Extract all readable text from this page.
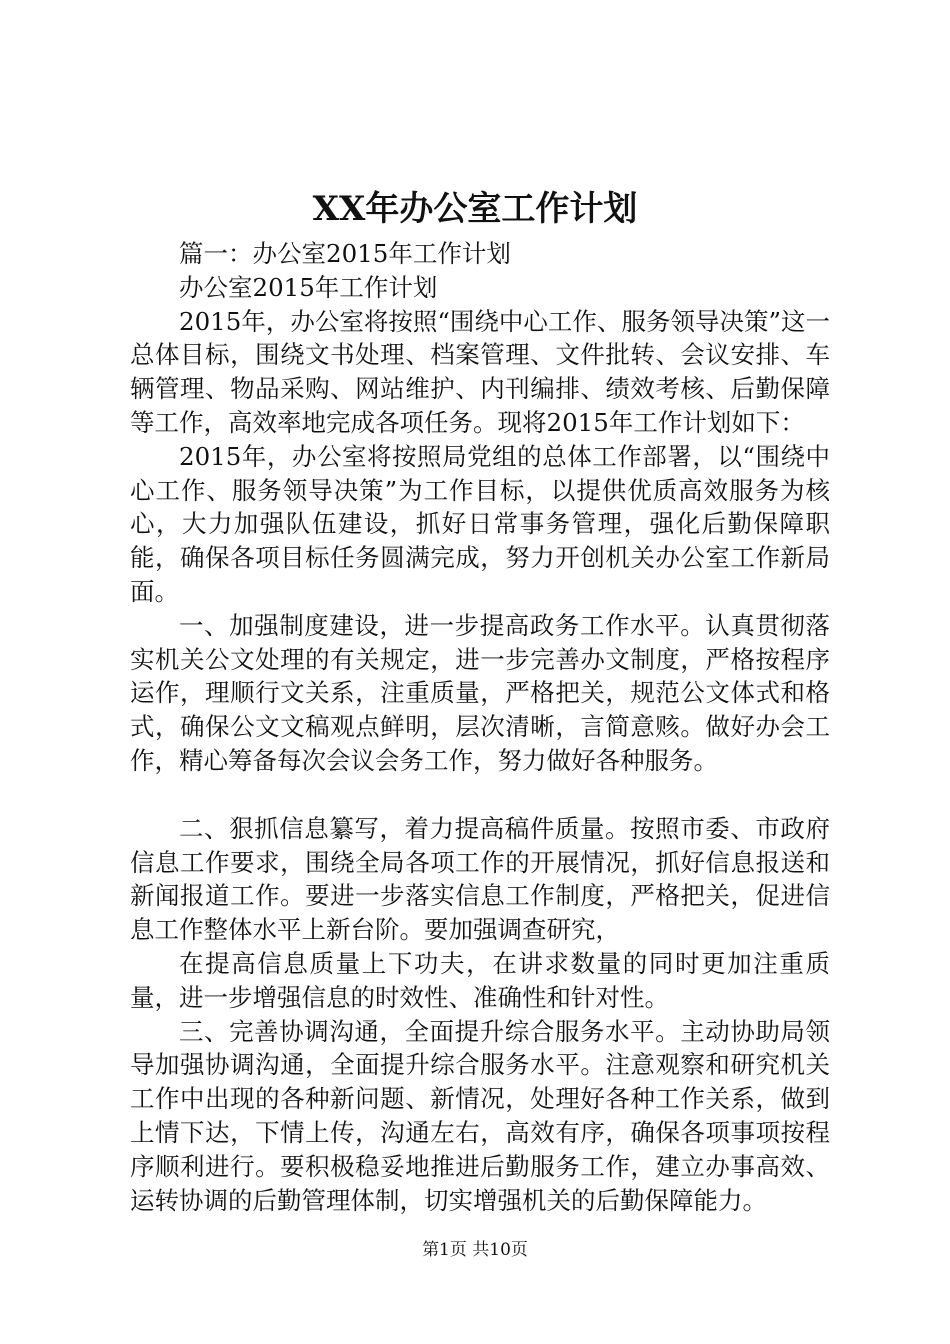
XX年办公室工作计划

篇一：办公室2015年工作计划

办公室2015年工作计划

2015年，办公室将按照“围绕中心工作、服务领导决策”这一总体目标，围绕文书处理、档案管理、文件批转、会议安排、车辆管理、物品采购、网站维护、内刊编排、绩效考核、后勤保障等工作，高效率地完成各项任务。现将2015年工作计划如下：

2015年，办公室将按照局党组的总体工作部署，以“围绕中心工作、服务领导决策”为工作目标，以提供优质高效服务为核心，大力加强队伍建设，抓好日常事务管理，强化后勤保障职能，确保各项目标任务圆满完成，努力开创机关办公室工作新局面。

一、加强制度建设，进一步提高政务工作水平。认真贯彻落实机关公文处理的有关规定，进一步完善办文制度，严格按程序运作，理顺行文关系，注重质量，严格把关，规范公文体式和格式，确保公文文稿观点鲜明，层次清晰，言简意赅。做好办会工作，精心筹备每次会议会务工作，努力做好各种服务。

二、狠抓信息纂写，着力提高稿件质量。按照市委、市政府信息工作要求，围绕全局各项工作的开展情况，抓好信息报送和新闻报道工作。要进一步落实信息工作制度，严格把关，促进信息工作整体水平上新台阶。要加强调查研究，

在提高信息质量上下功夫，在讲求数量的同时更加注重质量，进一步增强信息的时效性、准确性和针对性。

三、完善协调沟通，全面提升综合服务水平。主动协助局领导加强协调沟通，全面提升综合服务水平。注意观察和研究机关工作中出现的各种新问题、新情况，处理好各种工作关系，做到上情下达，下情上传，沟通左右，高效有序，确保各项事项按程序顺利进行。要积极稳妥地推进后勤服务工作，建立办事高效、运转协调的后勤管理体制，切实增强机关的后勤保障能力。

第1页 共10页
